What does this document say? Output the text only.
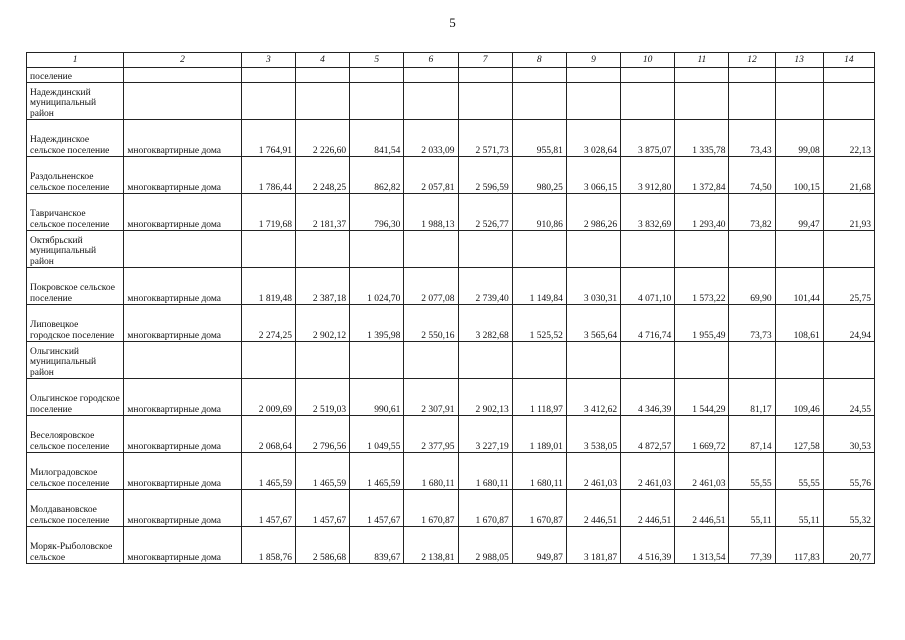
5
1	2	3	4	5	6	7	8	9	10	11	12	13	14
поселение													
Надеждинский муниципальный район													
Надеждинское сельское поселение	многоквартирные дома	1 764,91	2 226,60	841,54	2 033,09	2 571,73	955,81	3 028,64	3 875,07	1 335,78	73,43	99,08	22,13
Раздольненское сельское поселение	многоквартирные дома	1 786,44	2 248,25	862,82	2 057,81	2 596,59	980,25	3 066,15	3 912,80	1 372,84	74,50	100,15	21,68
Тавричанское сельское поселение	многоквартирные дома	1 719,68	2 181,37	796,30	1 988,13	2 526,77	910,86	2 986,26	3 832,69	1 293,40	73,82	99,47	21,93
Октябрьский муниципальный район													
Покровское сельское поселение	многоквартирные дома	1 819,48	2 387,18	1 024,70	2 077,08	2 739,40	1 149,84	3 030,31	4 071,10	1 573,22	69,90	101,44	25,75
Липовецкое городское поселение	многоквартирные дома	2 274,25	2 902,12	1 395,98	2 550,16	3 282,68	1 525,52	3 565,64	4 716,74	1 955,49	73,73	108,61	24,94
Ольгинский муниципальный район													
Ольгинское городское поселение	многоквартирные дома	2 009,69	2 519,03	990,61	2 307,91	2 902,13	1 118,97	3 412,62	4 346,39	1 544,29	81,17	109,46	24,55
Веселояровское сельское поселение	многоквартирные дома	2 068,64	2 796,56	1 049,55	2 377,95	3 227,19	1 189,01	3 538,05	4 872,57	1 669,72	87,14	127,58	30,53
Милоградовское сельское поселение	многоквартирные дома	1 465,59	1 465,59	1 465,59	1 680,11	1 680,11	1 680,11	2 461,03	2 461,03	2 461,03	55,55	55,55	55,76
Молдавановское сельское поселение	многоквартирные дома	1 457,67	1 457,67	1 457,67	1 670,87	1 670,87	1 670,87	2 446,51	2 446,51	2 446,51	55,11	55,11	55,32
Моряк-Рыболовское сельское	многоквартирные дома	1 858,76	2 586,68	839,67	2 138,81	2 988,05	949,87	3 181,87	4 516,39	1 313,54	77,39	117,83	20,77
